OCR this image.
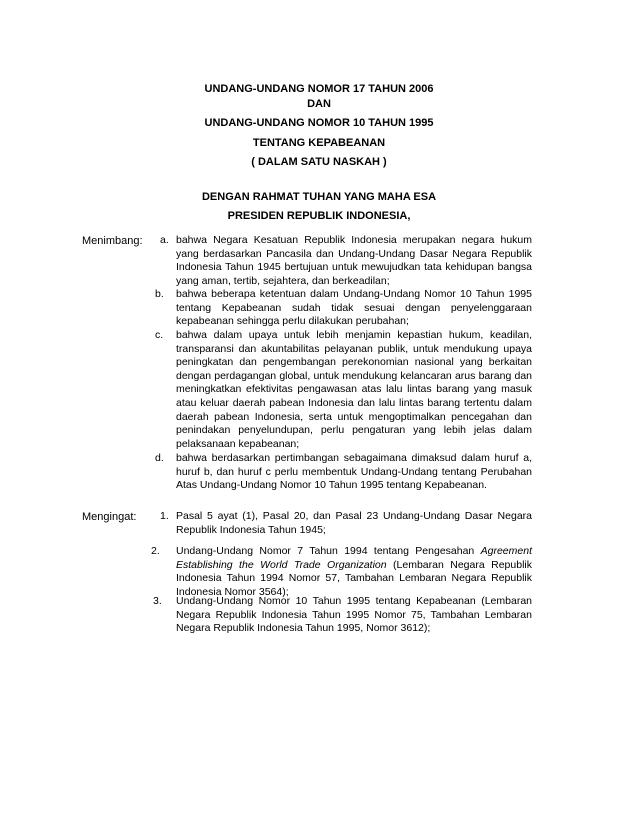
UNDANG-UNDANG NOMOR 17 TAHUN 2006
DAN
UNDANG-UNDANG NOMOR 10 TAHUN 1995
TENTANG KEPABEANAN
( DALAM SATU NASKAH )
DENGAN RAHMAT TUHAN YANG MAHA ESA
PRESIDEN REPUBLIK INDONESIA,
Menimbang: a. bahwa Negara Kesatuan Republik Indonesia merupakan negara hukum yang berdasarkan Pancasila dan Undang-Undang Dasar Negara Republik Indonesia Tahun 1945 bertujuan untuk mewujudkan tata kehidupan bangsa yang aman, tertib, sejahtera, dan berkeadilan;
b. bahwa beberapa ketentuan dalam Undang-Undang Nomor 10 Tahun 1995 tentang Kepabeanan sudah tidak sesuai dengan penyelenggaraan kepabeanan sehingga perlu dilakukan perubahan;
c. bahwa dalam upaya untuk lebih menjamin kepastian hukum, keadilan, transparansi dan akuntabilitas pelayanan publik, untuk mendukung upaya peningkatan dan pengembangan perekonomian nasional yang berkaitan dengan perdagangan global, untuk mendukung kelancaran arus barang dan meningkatkan efektivitas pengawasan atas lalu lintas barang yang masuk atau keluar daerah pabean Indonesia dan lalu lintas barang tertentu dalam daerah pabean Indonesia, serta untuk mengoptimalkan pencegahan dan penindakan penyelundupan, perlu pengaturan yang lebih jelas dalam pelaksanaan kepabeanan;
d. bahwa berdasarkan pertimbangan sebagaimana dimaksud dalam huruf a, huruf b, dan huruf c perlu membentuk Undang-Undang tentang Perubahan Atas Undang-Undang Nomor 10 Tahun 1995 tentang Kepabeanan.
Mengingat: 1. Pasal 5 ayat (1), Pasal 20, dan Pasal 23 Undang-Undang Dasar Negara Republik Indonesia Tahun 1945;
2. Undang-Undang Nomor 7 Tahun 1994 tentang Pengesahan Agreement Establishing the World Trade Organization (Lembaran Negara Republik Indonesia Tahun 1994 Nomor 57, Tambahan Lembaran Negara Republik Indonesia Nomor 3564);
3. Undang-Undang Nomor 10 Tahun 1995 tentang Kepabeanan (Lembaran Negara Republik Indonesia Tahun 1995 Nomor 75, Tambahan Lembaran Negara Republik Indonesia Tahun 1995, Nomor 3612);
